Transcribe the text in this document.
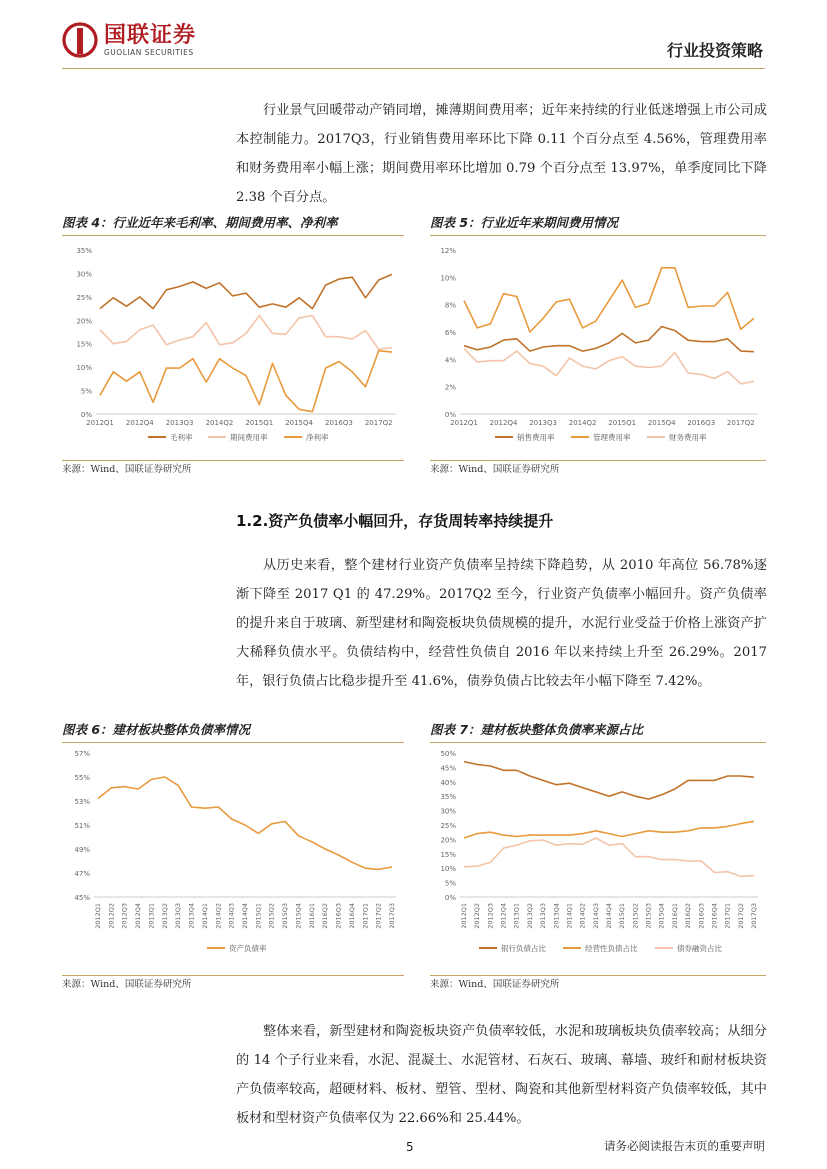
国联证券
GUOLIAN SECURITIES	行业投资策略

行业景气回暖带动产销同增，摊薄期间费用率；近年来持续的行业低迷增强上市公司成本控制能力。2017Q3，行业销售费用率环比下降 0.11 个百分点至 4.56%，管理费用率和财务费用率小幅上涨；期间费用率环比增加 0.79 个百分点至 13.97%，单季度同比下降 2.38 个百分点。

图表 4：行业近年来毛利率、期间费用率、净利率
0%
5%
10%
15%
20%
25%
30%
35%
2012Q1 2012Q4 2013Q3 2014Q2 2015Q1 2015Q4 2016Q3 2017Q2
毛利率	期间费用率	净利率
来源：Wind、国联证券研究所
图表 5：行业近年来期间费用情况
0%
2%
4%
6%
8%
10%
12%
2012Q1 2012Q4 2013Q3 2014Q2 2015Q1 2015Q4 2016Q3 2017Q2
销售费用率	管理费用率	财务费用率
来源：Wind、国联证券研究所
1.2.资产负债率小幅回升，存货周转率持续提升

从历史来看，整个建材行业资产负债率呈持续下降趋势，从 2010 年高位 56.78%逐渐下降至 2017 Q1 的 47.29%。2017Q2 至今，行业资产负债率小幅回升。资产负债率的提升来自于玻璃、新型建材和陶瓷板块负债规模的提升，水泥行业受益于价格上涨资产扩大稀释负债水平。负债结构中，经营性负债自 2016 年以来持续上升至 26.29%。2017 年，银行负债占比稳步提升至 41.6%，债券负债占比较去年小幅下降至 7.42%。

图表 6：建材板块整体负债率情况
45%
47%
49%
51%
53%
55%
57%
2012Q1 2012Q2 2012Q3 2012Q4 2013Q1 2013Q2 2013Q3 2013Q4 2014Q1 2014Q2 2014Q3 2014Q4 2015Q1 2015Q2 2015Q3 2015Q4 2016Q1 2016Q2 2016Q3 2016Q4 2017Q1 2017Q2 2017Q3
资产负债率
来源：Wind、国联证券研究所
图表 7：建材板块整体负债率来源占比
0%
5%
10%
15%
20%
25%
30%
35%
40%
45%
50%
2012Q1 2012Q2 2012Q3 2012Q4 2013Q1 2013Q2 2013Q3 2013Q4 2014Q1 2014Q2 2014Q3 2014Q4 2015Q1 2015Q2 2015Q3 2015Q4 2016Q1 2016Q2 2016Q3 2016Q4 2017Q1 2017Q2 2017Q3
银行负债占比	经营性负债占比	债券融资占比
来源：Wind、国联证券研究所

整体来看，新型建材和陶瓷板块资产负债率较低，水泥和玻璃板块负债率较高；从细分的 14 个子行业来看，水泥、混凝土、水泥管材、石灰石、玻璃、幕墙、玻纤和耐材板块资产负债率较高，超硬材料、板材、塑管、型材、陶瓷和其他新型材料资产负债率较低，其中板材和型材资产负债率仅为 22.66%和 25.44%。

5	请务必阅读报告末页的重要声明
